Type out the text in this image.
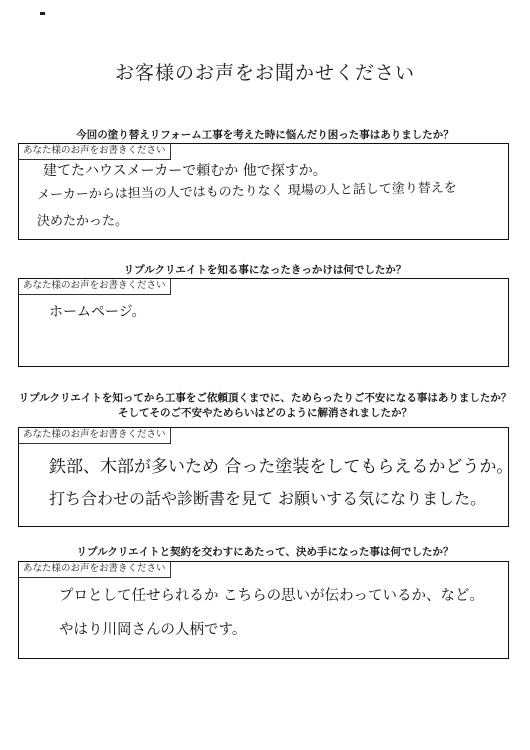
お客様のお声をお聞かせください
今回の塗り替えリフォーム工事を考えた時に悩んだり困った事はありましたか？
あなた様のお声をお書きください
建てたハウスメーカーで頼むか 他で探すか。
メーカーからは担当の人ではものたりなく 現場の人と話して塗り替えを
決めたかった。
リプルクリエイトを知る事になったきっかけは何でしたか？
あなた様のお声をお書きください
ホームページ。
リプルクリエイトを知ってから工事をご依頼頂くまでに、ためらったりご不安になる事はありましたか？
そしてそのご不安やためらいはどのように解消されましたか？
あなた様のお声をお書きください
鉄部、木部が多いため 合った塗装をしてもらえるかどうか。
打ち合わせの話や診断書を見て お願いする気になりました。
リプルクリエイトと契約を交わすにあたって、決め手になった事は何でしたか？
あなた様のお声をお書きください
プロとして任せられるか こちらの思いが伝わっているか、など。
やはり川岡さんの人柄です。
